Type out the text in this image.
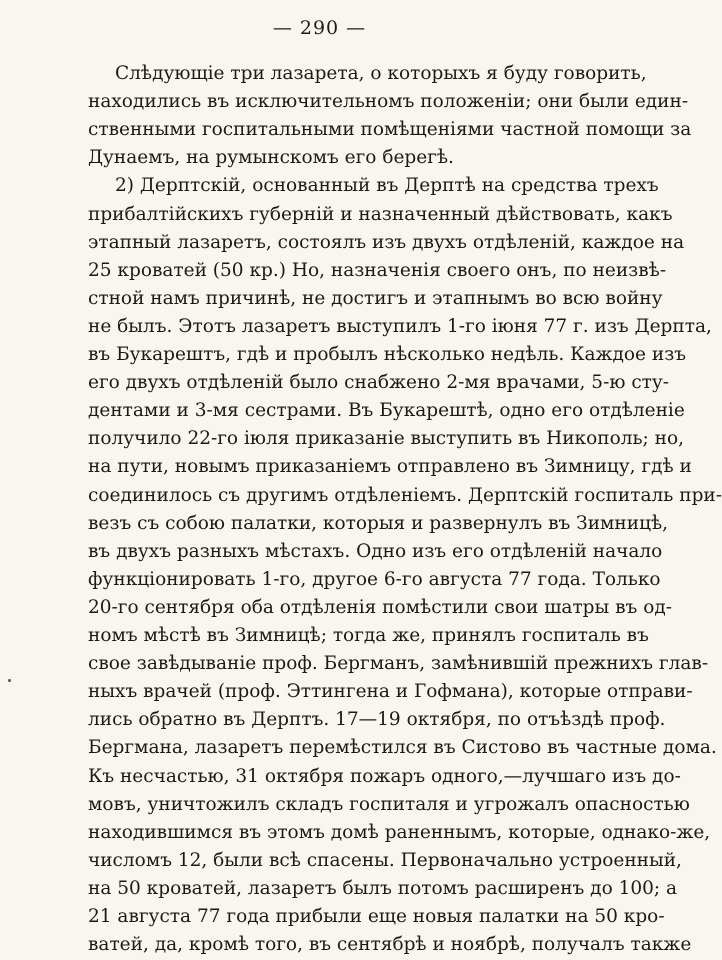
— 290 —
Слѣдующіе три лазарета, о которыхъ я буду говорить,
находились въ исключительномъ положеніи; они были един-
ственными госпитальными помѣщеніями частной помощи за
Дунаемъ, на румынскомъ его берегѣ.
2) Дерптскій, основанный въ Дерптѣ на средства трехъ
прибалтійскихъ губерній и назначенный дѣйствовать, какъ
этапный лазаретъ, состоялъ изъ двухъ отдѣленій, каждое на
25 кроватей (50 кр.) Но, назначенія своего онъ, по неизвѣ-
стной намъ причинѣ, не достигъ и этапнымъ во всю войну
не былъ. Этотъ лазаретъ выступилъ 1-го іюня 77 г. изъ Дерпта,
въ Букарештъ, гдѣ и пробылъ нѣсколько недѣль. Каждое изъ
его двухъ отдѣленій было снабжено 2-мя врачами, 5-ю сту-
дентами и 3-мя сестрами. Въ Букарештѣ, одно его отдѣленіе
получило 22-го іюля приказаніе выступить въ Никополь; но,
на пути, новымъ приказаніемъ отправлено въ Зимницу, гдѣ и
соединилось съ другимъ отдѣленіемъ. Дерптскій госпиталь при-
везъ съ собою палатки, которыя и развернулъ въ Зимницѣ,
въ двухъ разныхъ мѣстахъ. Одно изъ его отдѣленій начало
функціонировать 1-го, другое 6-го августа 77 года. Только
20-го сентября оба отдѣленія помѣстили свои шатры въ од-
номъ мѣстѣ въ Зимницѣ; тогда же, принялъ госпиталь въ
свое завѣдываніе проф. Бергманъ, замѣнившій прежнихъ глав-
ныхъ врачей (проф. Эттингена и Гофмана), которые отправи-
лись обратно въ Дерптъ. 17—19 октября, по отъѣздѣ проф.
Бергмана, лазаретъ перемѣстился въ Систово въ частные дома.
Къ несчастью, 31 октября пожаръ одного,—лучшаго изъ до-
мовъ, уничтожилъ складъ госпиталя и угрожалъ опасностью
находившимся въ этомъ домѣ раненнымъ, которые, однако-же,
числомъ 12, были всѣ спасены. Первоначально устроенный,
на 50 кроватей, лазаретъ былъ потомъ расширенъ до 100; а
21 августа 77 года прибыли еще новыя палатки на 50 кро-
ватей, да, кромѣ того, въ сентябрѣ и ноябрѣ, получалъ также
